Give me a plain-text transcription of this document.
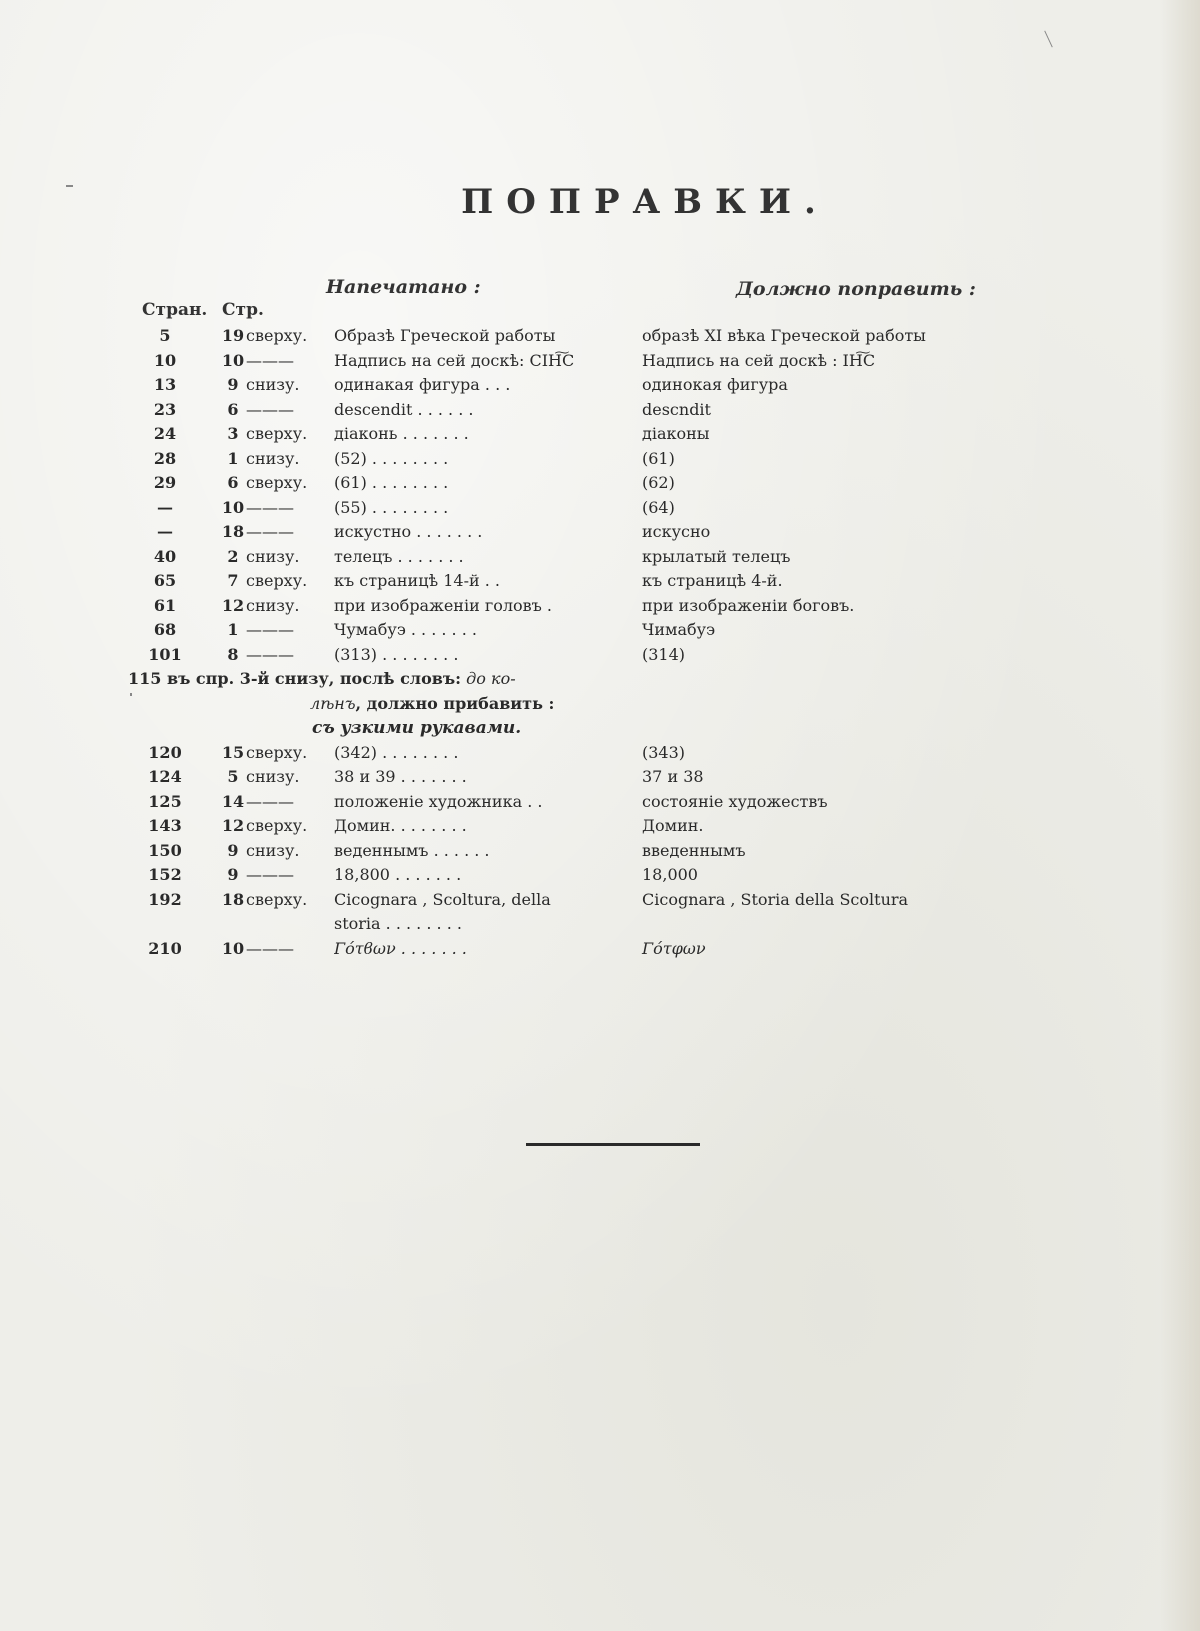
ПОПРАВКИ.
Напечатано :	Должно поправить :
Стран. Стр.
5	19 сверху.	Образѣ Греческой работы	образѣ XI вѣка Греческой работы
10	10 ———	Надпись на сей доскѣ: СIН͠С	Надпись на сей доскѣ : IН͠С
13	9 снизу.	одинакая фигура . . .	одинокая фигура
23	6 ———	descendit . . . . . .	descndit
24	3 сверху.	діаконь . . . . . . .	діаконы
28	1 снизу.	(52) . . . . . . . .	(61)
29	6 сверху.	(61) . . . . . . . .	(62)
—	10 ———	(55) . . . . . . . .	(64)
—	18 ———	искустно . . . . . . .	искусно
40	2 снизу.	телецъ . . . . . . .	крылатый телецъ
65	7 сверху.	къ страницѣ 14-й . .	къ страницѣ 4-й.
61	12 снизу.	при изображеніи головъ .	при изображеніи боговъ.
68	1 ———	Чумабуэ . . . . . . .	Чимабуэ
101	8 ———	(313) . . . . . . . .	(314)
115 въ спр. 3-й снизу, послѣ словъ: до ко-
лѣнъ, должно прибавить :
съ узкими рукавами.
120	15 сверху.	(342) . . . . . . . .	(343)
124	5 снизу.	38 и 39 . . . . . . .	37 и 38
125	14 ———	положеніе художника . .	состояніе художествъ
143	12 сверху.	Домин. . . . . . . .	Домин.
150	9 снизу.	веденнымъ . . . . . .	введеннымъ
152	9 ———	18,800 . . . . . . .	18,000
192	18 сверху.	Cicognara , Scoltura, della	Cicognara , Storia della Scoltura
storia . . . . . . . .
210	10 ———	Γότϐων . . . . . . .	Γότφων
